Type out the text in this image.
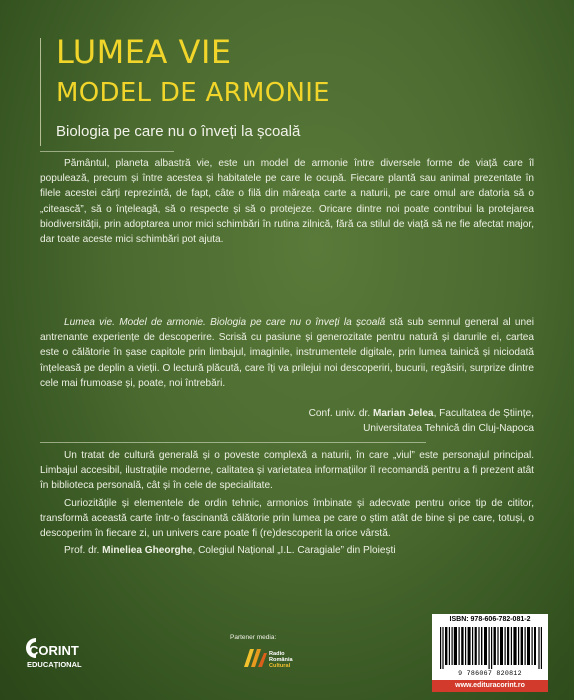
LUMEA VIE
MODEL DE ARMONIE
Biologia pe care nu o înveți la școală

Pământul, planeta albastră vie, este un model de armonie între diversele forme de viață care îl populează, precum și între acestea și habitatele pe care le ocupă. Fiecare plantă sau animal prezentate în filele acestei cărți reprezintă, de fapt, câte o filă din măreața carte a naturii, pe care omul are datoria să o „citească”, să o înțeleagă, să o respecte și să o protejeze. Oricare dintre noi poate contribui la protejarea biodiversității, prin adoptarea unor mici schimbări în rutina zilnică, fără ca stilul de viață să ne fie afectat major, dar toate aceste mici schimbări pot ajuta.

Lumea vie. Model de armonie. Biologia pe care nu o înveți la școală stă sub semnul general al unei antrenante experiențe de descoperire. Scrisă cu pasiune și generozitate pentru natură și darurile ei, cartea este o călătorie în șase capitole prin limbajul, imaginile, instrumentele digitale, prin lumea tainică și niciodată înțeleasă pe deplin a vieții. O lectură plăcută, care îți va prilejui noi descoperiri, bucurii, regăsiri, surprize dintre cele mai frumoase și, poate, noi întrebări.

Conf. univ. dr. Marian Jelea, Facultatea de Științe,
Universitatea Tehnică din Cluj-Napoca

Un tratat de cultură generală și o poveste complexă a naturii, în care „viul” este personajul principal. Limbajul accesibil, ilustrațiile moderne, calitatea și varietatea informațiilor îl recomandă pentru a fi prezent atât în biblioteca personală, cât și în cele de specialitate.

Curiozitățile și elementele de ordin tehnic, armonios îmbinate și adecvate pentru orice tip de cititor, transformă această carte într-o fascinantă călătorie prin lumea pe care o știm atât de bine și pe care, totuși, o descoperim în fiecare zi, un univers care poate fi (re)descoperit la orice vârstă.

Prof. dr. Mineliea Gheorghe, Colegiul Național „I.L. Caragiale” din Ploiești
CORINT
EDUCAȚIONAL
Partener media:
Radio
România
Cultural
ISBN: 978-606-782-081-2
9 786067 820812
www.edituracorint.ro
